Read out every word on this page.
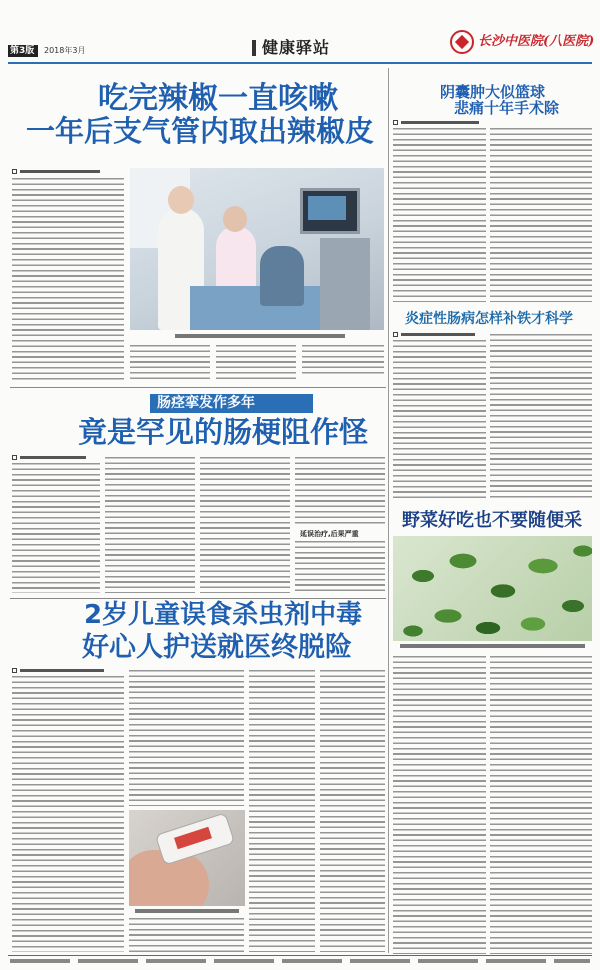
第3版 2018年3月	健康驿站	长沙中医院(八医院)
吃完辣椒一直咳嗽
一年后支气管内取出辣椒皮
阴囊肿大似篮球
悲痛十年手术除
炎症性肠病怎样补铁才科学
野菜好吃也不要随便采
肠痉挛发作多年
竟是罕见的肠梗阻作怪
延误治疗,后果严重
2岁儿童误食杀虫剂中毒
好心人护送就医终脱险
